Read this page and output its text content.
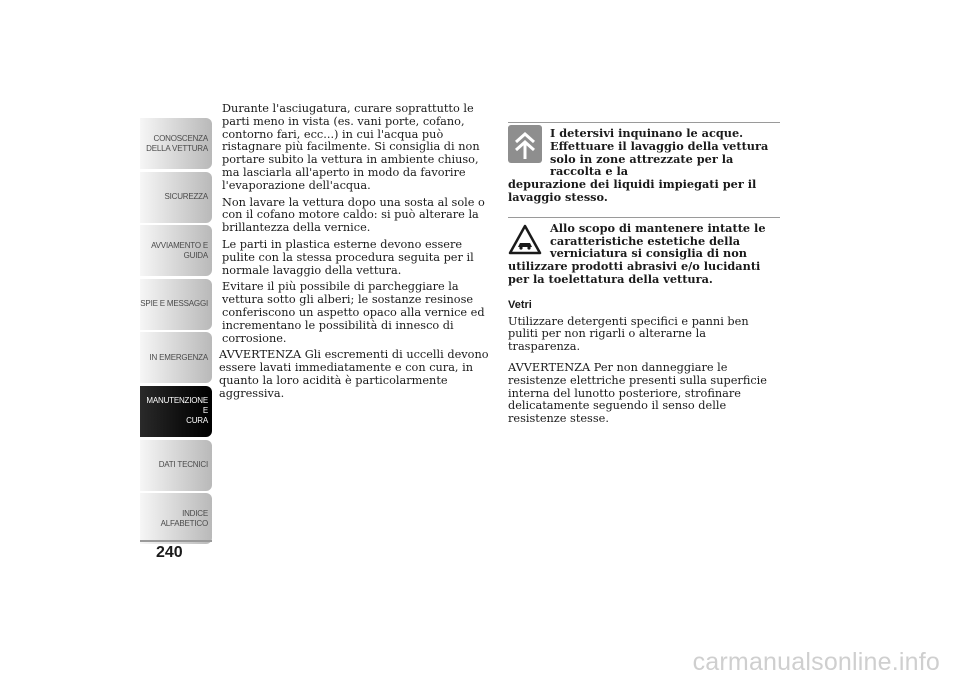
CONOSCENZA
DELLA VETTURA
SICUREZZA
AVVIAMENTO E
GUIDA
SPIE E MESSAGGI
IN EMERGENZA
MANUTENZIONE E
CURA
DATI TECNICI
INDICE
ALFABETICO
240

Durante l'asciugatura, curare soprattutto le parti meno in vista (es. vani porte, cofano, contorno fari, ecc...) in cui l'acqua può ristagnare più facilmente. Si consiglia di non portare subito la vettura in ambiente chiuso, ma lasciarla all'aperto in modo da favorire l'evaporazione dell'acqua.

Non lavare la vettura dopo una sosta al sole o con il cofano motore caldo: si può alterare la brillantezza della vernice.

Le parti in plastica esterne devono essere pulite con la stessa procedura seguita per il normale lavaggio della vettura.

Evitare il più possibile di parcheggiare la vettura sotto gli alberi; le sostanze resinose conferiscono un aspetto opaco alla vernice ed incrementano le possibilità di innesco di corrosione.

AVVERTENZA Gli escrementi di uccelli devono essere lavati immediatamente e con cura, in quanto la loro acidità è particolarmente aggressiva.

I detersivi inquinano le acque. Effettuare il lavaggio della vettura solo in zone attrezzate per la raccolta e la
depurazione dei liquidi impiegati per il lavaggio stesso.
Allo scopo di mantenere intatte le caratteristiche estetiche della verniciatura si consiglia di non
utilizzare prodotti abrasivi e/o lucidanti per la toelettatura della vettura.

Vetri

Utilizzare detergenti specifici e panni ben puliti per non rigarli o alterarne la trasparenza.

AVVERTENZA Per non danneggiare le resistenze elettriche presenti sulla superficie interna del lunotto posteriore, strofinare delicatamente seguendo il senso delle resistenze stesse.

carmanualsonline.info
